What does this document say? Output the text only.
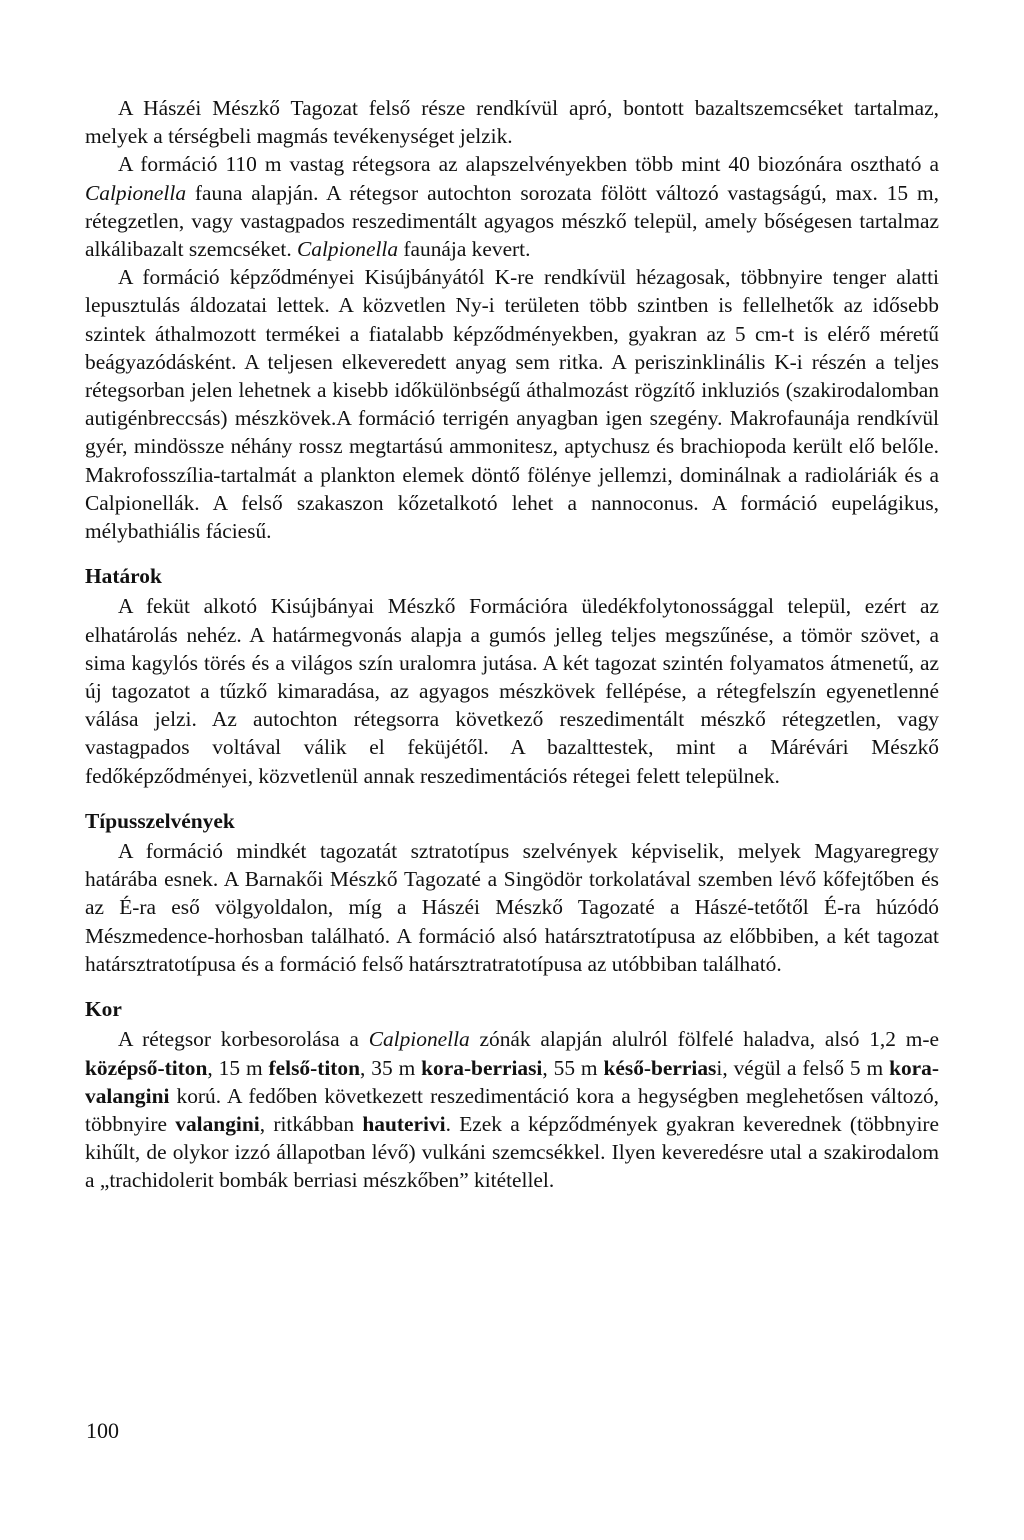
A Hászéi Mészkő Tagozat felső része rendkívül apró, bontott bazaltszemcséket tartalmaz, melyek a térségbeli magmás tevékenységet jelzik.

A formáció 110 m vastag rétegsora az alapszelvényekben több mint 40 biozónára osztható a Calpionella fauna alapján. A rétegsor autochton sorozata fölött változó vastagságú, max. 15 m, rétegzetlen, vagy vastagpados reszedimentált agyagos mészkő települ, amely bőségesen tartalmaz alkálibazalt szemcséket. Calpionella faunája kevert.

A formáció képződményei Kisújbányától K-re rendkívül hézagosak, többnyire tenger alatti lepusztulás áldozatai lettek. A közvetlen Ny-i területen több szintben is fellelhetők az idősebb szintek áthalmozott termékei a fiatalabb képződményekben, gyakran az 5 cm-t is elérő méretű beágyazódásként. A teljesen elkeveredett anyag sem ritka. A periszinklinális K-i részén a teljes rétegsorban jelen lehetnek a kisebb időkülönbségű áthalmozást rögzítő inkluziós (szakirodalomban autigénbreccsás) mészkövek.A formáció terrigén anyagban igen szegény. Makrofaunája rendkívül gyér, mindössze néhány rossz megtartású ammonitesz, aptychusz és brachiopoda került elő belőle. Makrofosszília-tartalmát a plankton elemek döntő fölénye jellemzi, dominálnak a radioláriák és a Calpionellák. A felső szakaszon kőzetalkotó lehet a nannoconus. A formáció eupelágikus, mélybathiális fáciesű.

Határok

A feküt alkotó Kisújbányai Mészkő Formációra üledékfolytonossággal települ, ezért az elhatárolás nehéz. A határmegvonás alapja a gumós jelleg teljes megszűnése, a tömör szövet, a sima kagylós törés és a világos szín uralomra jutása. A két tagozat szintén folyamatos átmenetű, az új tagozatot a tűzkő kimaradása, az agyagos mészkövek fellépése, a rétegfelszín egyenetlenné válása jelzi. Az autochton rétegsorra következő reszedimentált mészkő rétegzetlen, vagy vastagpados voltával válik el feküjétől. A bazalttestek, mint a Márévári Mészkő fedőképződményei, közvetlenül annak reszedimentációs rétegei felett települnek.

Típusszelvények

A formáció mindkét tagozatát sztratotípus szelvények képviselik, melyek Magyaregregy határába esnek. A Barnakői Mészkő Tagozaté a Singödör torkolatával szemben lévő kőfejtőben és az É-ra eső völgyoldalon, míg a Hászéi Mészkő Tagozaté a Hászé-tetőtől É-ra húzódó Mészmedence-horhosban található. A formáció alsó határsztratotípusa az előbbiben, a két tagozat határsztratotípusa és a formáció felső határsztratratotípusa az utóbbiban található.

Kor

A rétegsor korbesorolása a Calpionella zónák alapján alulról fölfelé haladva, alsó 1,2 m-e középső-titon, 15 m felső-titon, 35 m kora-berriasi, 55 m késő-berriasi, végül a felső 5 m kora-valangini korú. A fedőben következett reszedimentáció kora a hegységben meglehetősen változó, többnyire valangini, ritkábban hauterivi. Ezek a képződmények gyakran keverednek (többnyire kihűlt, de olykor izzó állapotban lévő) vulkáni szemcsékkel. Ilyen keveredésre utal a szakirodalom a „trachidolerit bombák berriasi mészkőben” kitétellel.

100
